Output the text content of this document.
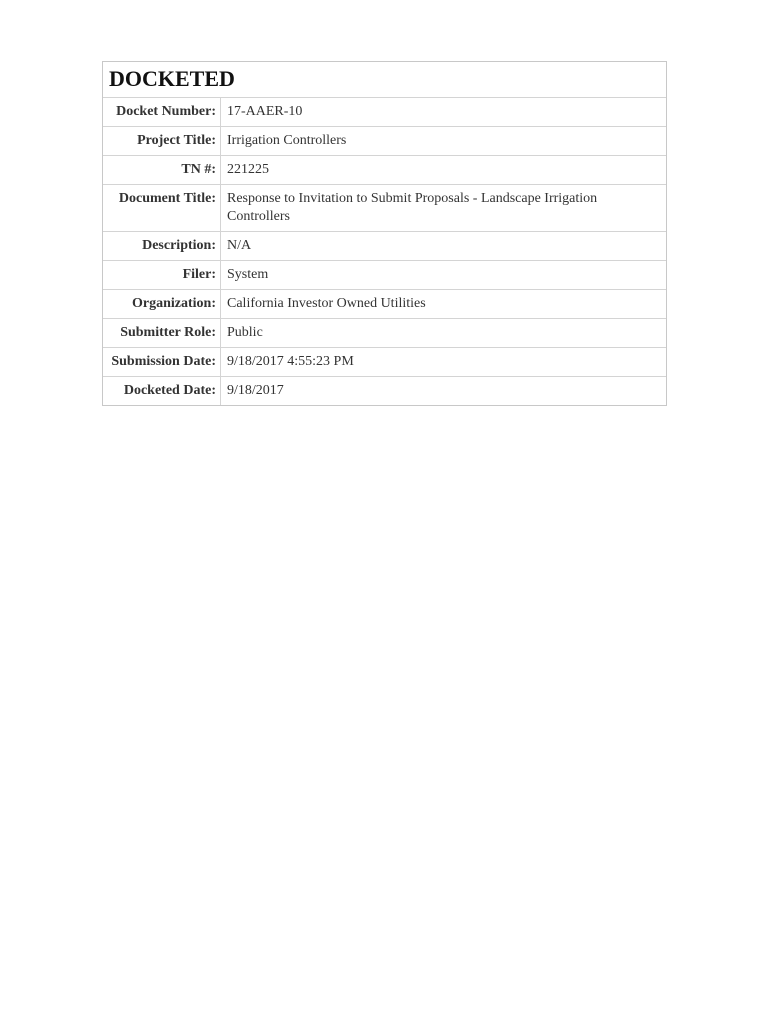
DOCKETED
Docket Number:	17-AAER-10
Project Title:	Irrigation Controllers
TN #:	221225
Document Title:	Response to Invitation to Submit Proposals - Landscape Irrigation Controllers
Description:	N/A
Filer:	System
Organization:	California Investor Owned Utilities
Submitter Role:	Public
Submission Date:	9/18/2017 4:55:23 PM
Docketed Date:	9/18/2017
